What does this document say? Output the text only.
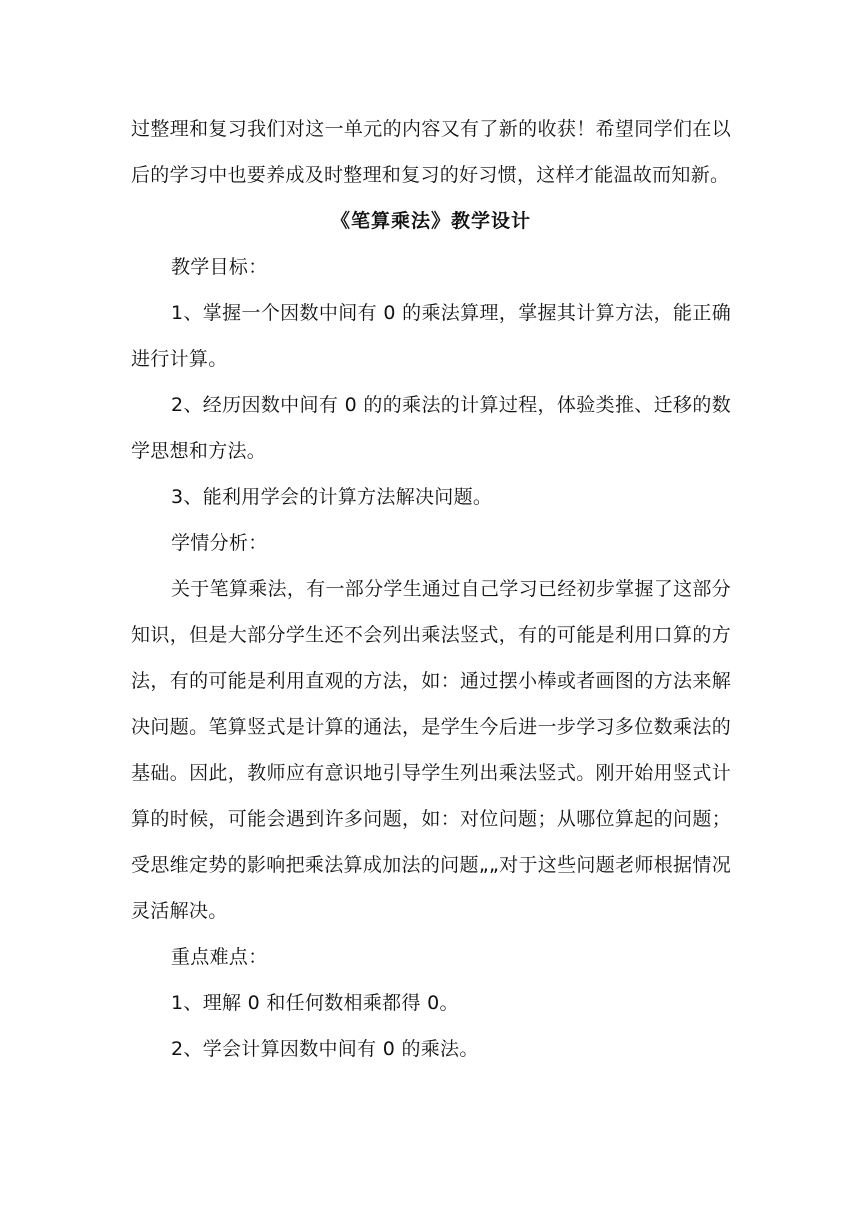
过整理和复习我们对这一单元的内容又有了新的收获！希望同学们在以后的学习中也要养成及时整理和复习的好习惯，这样才能温故而知新。

《笔算乘法》教学设计

教学目标：

1、掌握一个因数中间有 0 的乘法算理，掌握其计算方法，能正确进行计算。

2、经历因数中间有 0 的的乘法的计算过程，体验类推、迁移的数学思想和方法。

3、能利用学会的计算方法解决问题。

学情分析：

关于笔算乘法，有一部分学生通过自己学习已经初步掌握了这部分知识，但是大部分学生还不会列出乘法竖式，有的可能是利用口算的方法，有的可能是利用直观的方法，如：通过摆小棒或者画图的方法来解决问题。笔算竖式是计算的通法，是学生今后进一步学习多位数乘法的基础。因此，教师应有意识地引导学生列出乘法竖式。刚开始用竖式计算的时候，可能会遇到许多问题，如：对位问题；从哪位算起的问题；受思维定势的影响把乘法算成加法的问题„„对于这些问题老师根据情况灵活解决。

重点难点：

1、理解 0 和任何数相乘都得 0。

2、学会计算因数中间有 0 的乘法。
